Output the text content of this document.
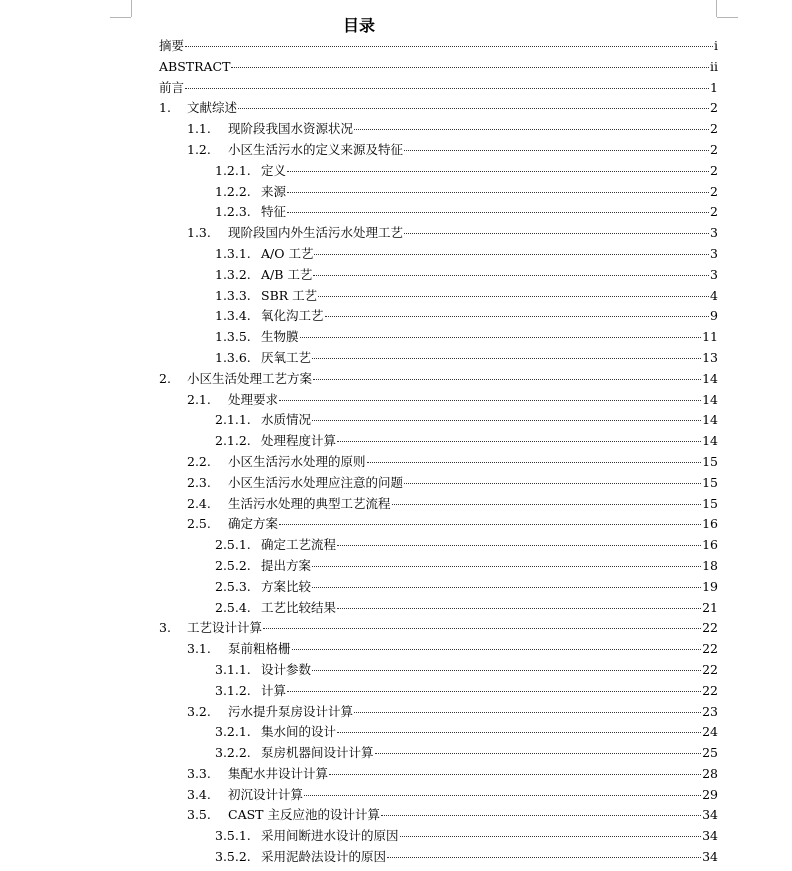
目录
摘要	i
ABSTRACT	ii
前言	1
1.	文献综述	2
1.1.	现阶段我国水资源状况	2
1.2.	小区生活污水的定义来源及特征	2
1.2.1. 定义	2
1.2.2. 来源	2
1.2.3. 特征	2
1.3.	现阶段国内外生活污水处理工艺	3
1.3.1. A/O 工艺	3
1.3.2. A/B 工艺	3
1.3.3. SBR 工艺	4
1.3.4. 氧化沟工艺	9
1.3.5. 生物膜	11
1.3.6. 厌氧工艺	13
2.	小区生活处理工艺方案	14
2.1.	处理要求	14
2.1.1. 水质情况	14
2.1.2. 处理程度计算	14
2.2.	小区生活污水处理的原则	15
2.3.	小区生活污水处理应注意的问题	15
2.4.	生活污水处理的典型工艺流程	15
2.5.	确定方案	16
2.5.1. 确定工艺流程	16
2.5.2. 提出方案	18
2.5.3. 方案比较	19
2.5.4. 工艺比较结果	21
3.	工艺设计计算	22
3.1.	泵前粗格栅	22
3.1.1. 设计参数	22
3.1.2. 计算	22
3.2.	污水提升泵房设计计算	23
3.2.1. 集水间的设计	24
3.2.2. 泵房机器间设计计算	25
3.3.	集配水井设计计算	28
3.4.	初沉设计计算	29
3.5.	CAST 主反应池的设计计算	34
3.5.1. 采用间断进水设计的原因	34
3.5.2. 采用泥龄法设计的原因	34
